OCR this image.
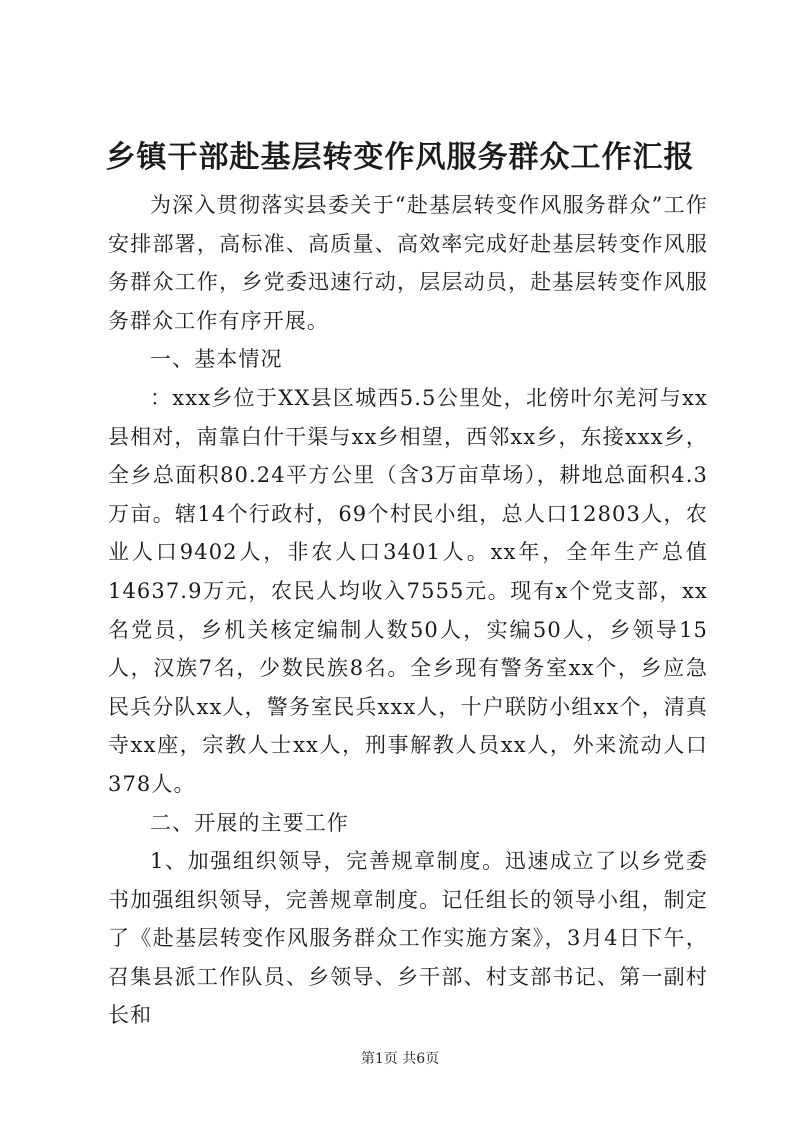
乡镇干部赴基层转变作风服务群众工作汇报

为深入贯彻落实县委关于“赴基层转变作风服务群众”工作安排部署，高标准、高质量、高效率完成好赴基层转变作风服务群众工作，乡党委迅速行动，层层动员，赴基层转变作风服务群众工作有序开展。

一、基本情况

：xxx乡位于XX县区城西5.5公里处，北傍叶尔羌河与xx县相对，南靠白什干渠与xx乡相望，西邻xx乡，东接xxx乡，全乡总面积80.24平方公里（含3万亩草场），耕地总面积4.3万亩。辖14个行政村，69个村民小组，总人口12803人，农业人口9402人，非农人口3401人。xx年，全年生产总值14637.9万元，农民人均收入7555元。现有x个党支部，xx名党员，乡机关核定编制人数50人，实编50人，乡领导15人，汉族7名，少数民族8名。全乡现有警务室xx个，乡应急民兵分队xx人，警务室民兵xxx人，十户联防小组xx个，清真寺xx座，宗教人士xx人，刑事解教人员xx人，外来流动人口378人。

二、开展的主要工作

1、加强组织领导，完善规章制度。迅速成立了以乡党委书加强组织领导，完善规章制度。记任组长的领导小组，制定了《赴基层转变作风服务群众工作实施方案》，3月4日下午，召集县派工作队员、乡领导、乡干部、村支部书记、第一副村长和

第1页 共6页
